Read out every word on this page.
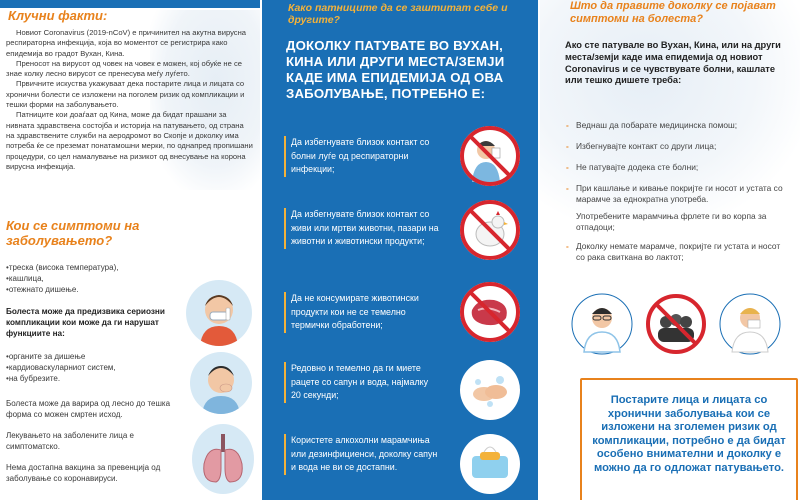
Клучни факти:

Новиот Coronavirus (2019-nCoV) е причинител на акутна вирусна респираторна инфекција, која во моментот се регистрира како епидемија во градот Вухан, Кина.

Преносот на вирусот од човек на човек е можен, кој обуќе не се знае колку лесно вирусот се пренесува меѓу луѓето.

Првичните искуства укажуваат дека постарите лица и лицата со хронични болести се изложени на поголем ризик од компликации и тешки форми на заболувањето.

Патниците кои доаѓаат од Кина, може да бидат прашани за нивната здравствена состојба и историја на патувањето, од страна на здравствените служби на аеродромот во Скопје и доколку има потреба ќе се преземат понатамошни мерки, по однапред пропишани процедури, со цел намалување на ризикот од внесување на корона вирусна инфекција.

Кои се симптоми на заболувањето?
• треска (висока температура),
• кашлица,
• отежнато дишење.
Болеста може да предизвика сериозни компликации кои може да ги нарушат функциите на:
• органите за дишење
• кардиоваскуларниот систем,
• на бубрезите.
Болеста може да варира од лесно до тешка форма со можен смртен исход.
Лекувањето на заболените лица е симптоматско.
Нема достапна вакцина за превенција од заболување со коронавируси.
Како патниците да се заштитат себе и другите?
ДОКОЛКУ ПАТУВАТЕ ВО ВУХАН, КИНА ИЛИ ДРУГИ МЕСТА/ЗЕМЈИ КАДЕ ИМА ЕПИДЕМИЈА ОД ОВА ЗАБОЛУВАЊЕ, ПОТРЕБНО Е:
Да избегнувате близок контакт со болни луѓе од респираторни инфекции;
Да избегнувате близок контакт со живи или мртви животни, пазари на животни и животински продукти;
Да не консумирате животински продукти кои не се темелно термички обработени;
Редовно и темелно да ги миете рацете со сапун и вода, најмалку 20 секунди;
Користете алкохолни марамчиња или дезинфициенси, доколку сапун и вода не ви се достапни.
Што да правите доколку се појават симптоми на болеста?
Ако сте патувале во Вухан, Кина, или на други места/земји каде има епидемија од новиот Coronavirus и се чувствувате болни, кашлате или тешко дишете треба:
- Веднаш да побарате медицинска помош;
- Избегнувајте контакт со други лица;
- Не патувајте додека сте болни;
- При кашлање и кивање покријте ги носот и устата со марамче за еднократна употреба.
Употребените марамчиња фрлете ги во корпа за отпадоци;
- Доколку немате марамче, покријте ги устата и носот со рака свиткана во лактот;
Постарите лица и лицата со хронични заболувања кои се изложени на зголемен ризик од компликации, потребно е да бидат особено внимателни и доколку е можно да го одложат патувањето.
